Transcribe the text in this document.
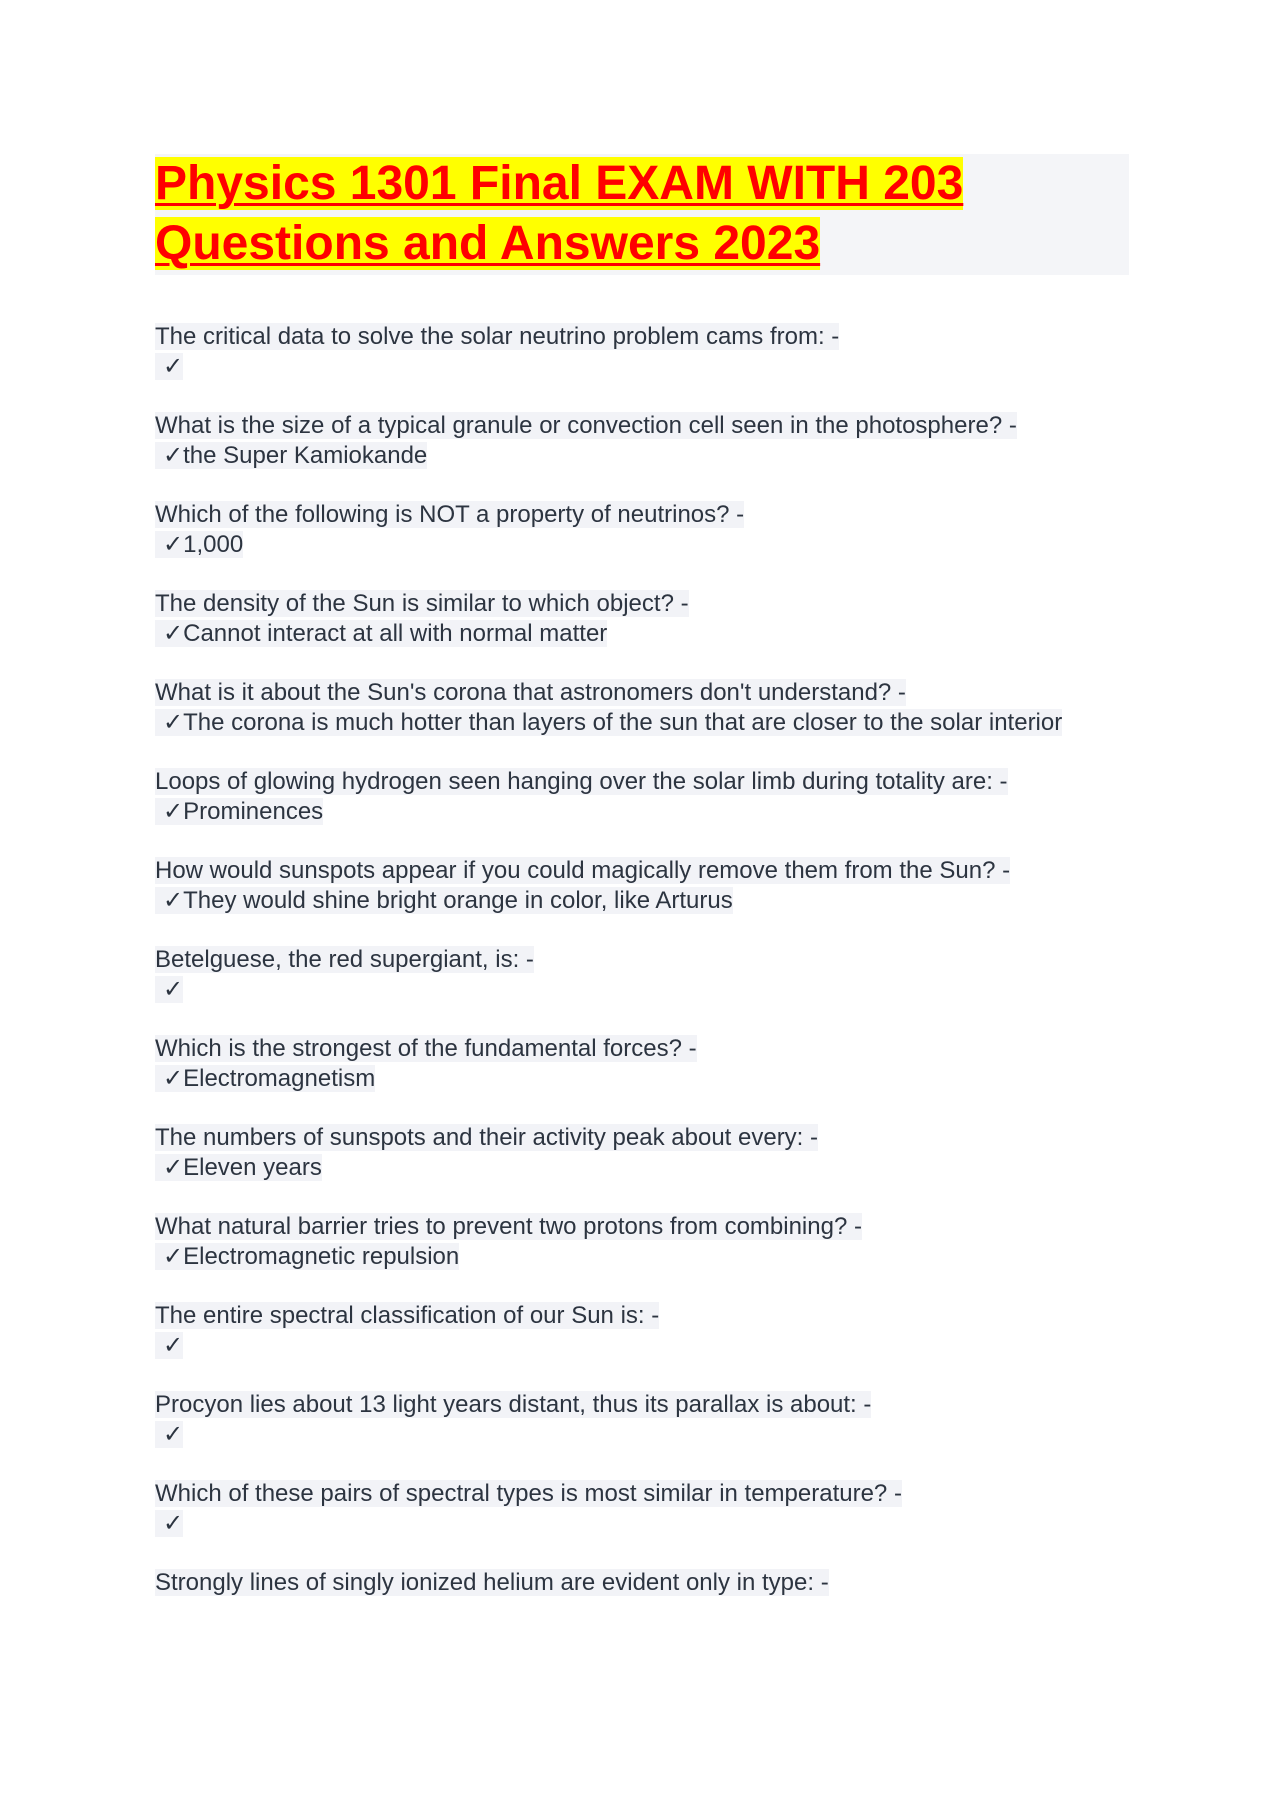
Physics 1301 Final EXAM WITH 203
Questions and Answers 2023
The critical data to solve the solar neutrino problem cams from: -
✓
What is the size of a typical granule or convection cell seen in the photosphere? -
✓the Super Kamiokande
Which of the following is NOT a property of neutrinos? -
✓1,000
The density of the Sun is similar to which object? -
✓Cannot interact at all with normal matter
What is it about the Sun's corona that astronomers don't understand? -
✓The corona is much hotter than layers of the sun that are closer to the solar interior
Loops of glowing hydrogen seen hanging over the solar limb during totality are: -
✓Prominences
How would sunspots appear if you could magically remove them from the Sun? -
✓They would shine bright orange in color, like Arturus
Betelguese, the red supergiant, is: -
✓
Which is the strongest of the fundamental forces? -
✓Electromagnetism
The numbers of sunspots and their activity peak about every: -
✓Eleven years
What natural barrier tries to prevent two protons from combining? -
✓Electromagnetic repulsion
The entire spectral classification of our Sun is: -
✓
Procyon lies about 13 light years distant, thus its parallax is about: -
✓
Which of these pairs of spectral types is most similar in temperature? -
✓
Strongly lines of singly ionized helium are evident only in type: -
